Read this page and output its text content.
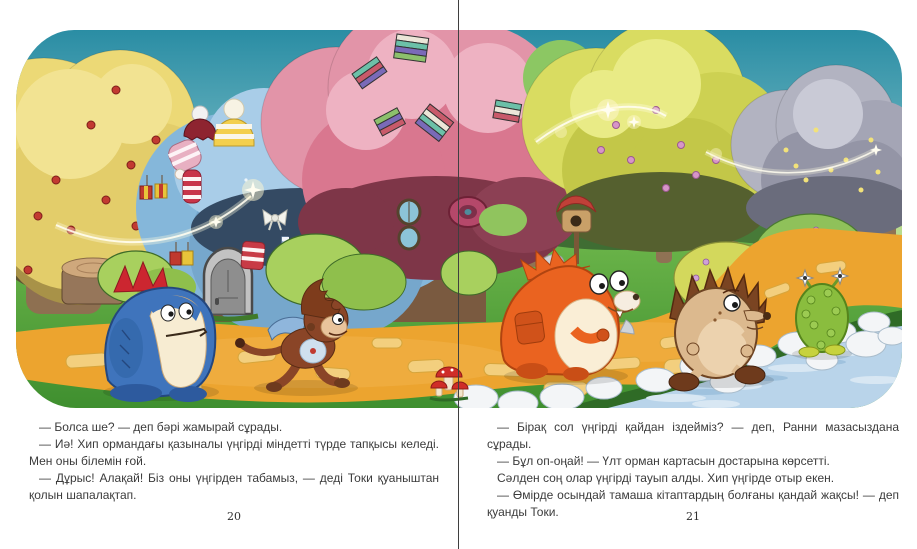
— Болса ше? — деп бәрі жамырай сұрады.

— Иә! Хип ормандағы қазыналы үңгірді міндетті түрде тапқысы келеді. Мен оны білемін ғой.

— Дұрыс! Алақай! Біз оны үңгірден табамыз, — деді Токи қуаныштан қолын шапалақтап.

— Бірақ сол үңгірді қайдан іздейміз? — деп, Ранни мазасыздана сұрады.

— Бұл оп-оңай! — Үлт орман картасын достарына көрсетті.

Сәлден соң олар үңгірді тауып алды. Хип үңгірде отыр екен.

— Өмірде осындай тамаша кітаптардың болғаны қандай жақсы! — деп қуанды Токи.

20	21
